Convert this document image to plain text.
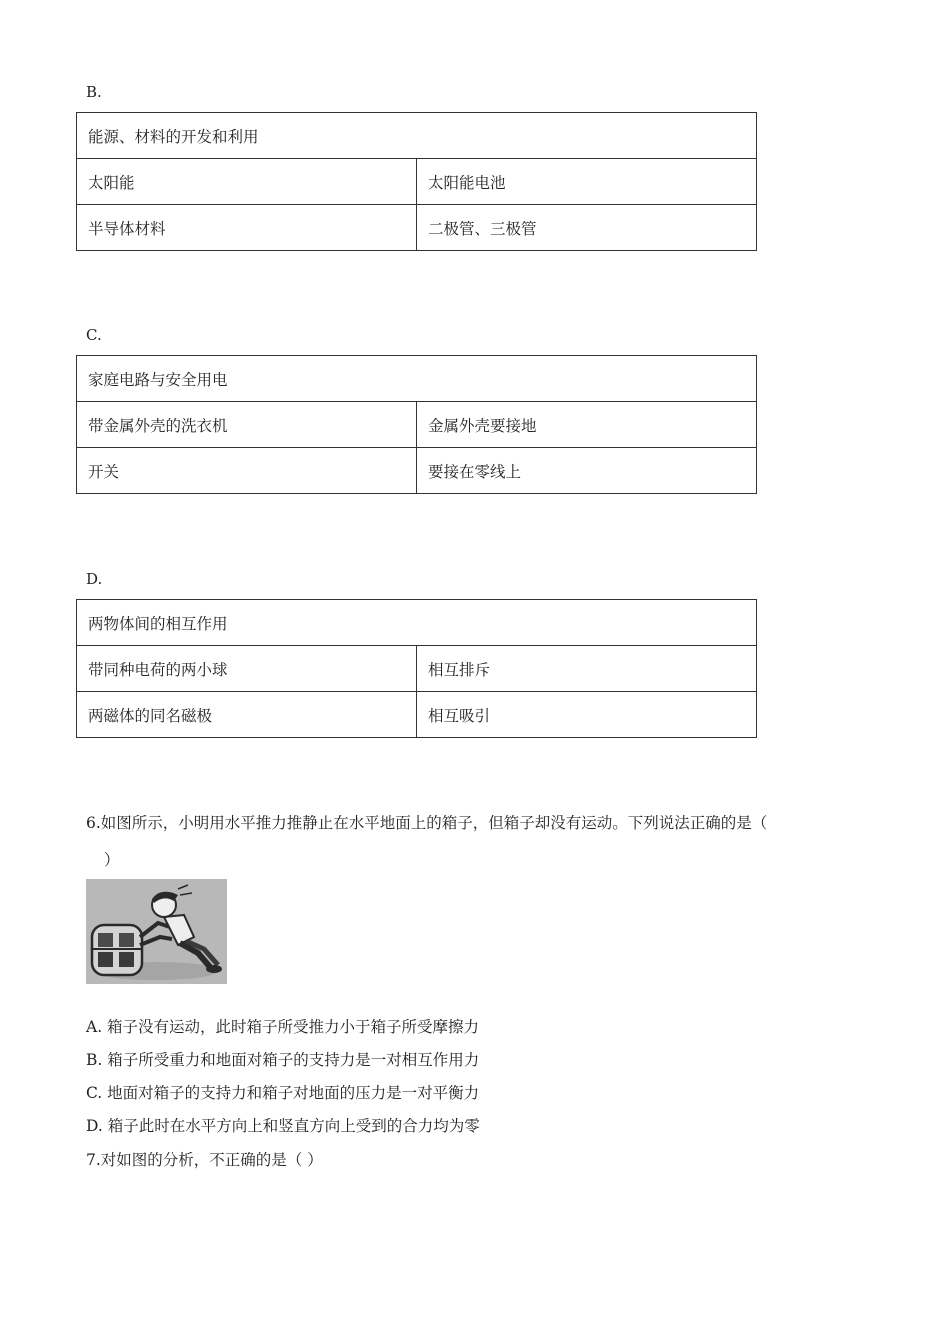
B.
能源、材料的开发和利用	
太阳能	太阳能电池
半导体材料	二极管、三极管
C.
家庭电路与安全用电	
带金属外壳的洗衣机	金属外壳要接地
开关	要接在零线上
D.
两物体间的相互作用	
带同种电荷的两小球	相互排斥
两磁体的同名磁极	相互吸引
6.如图所示，小明用水平推力推静止在水平地面上的箱子，但箱子却没有运动。下列说法正确的是（
）
A. 箱子没有运动，此时箱子所受推力小于箱子所受摩擦力
B. 箱子所受重力和地面对箱子的支持力是一对相互作用力
C. 地面对箱子的支持力和箱子对地面的压力是一对平衡力
D. 箱子此时在水平方向上和竖直方向上受到的合力均为零
7.对如图的分析，不正确的是（ ）
